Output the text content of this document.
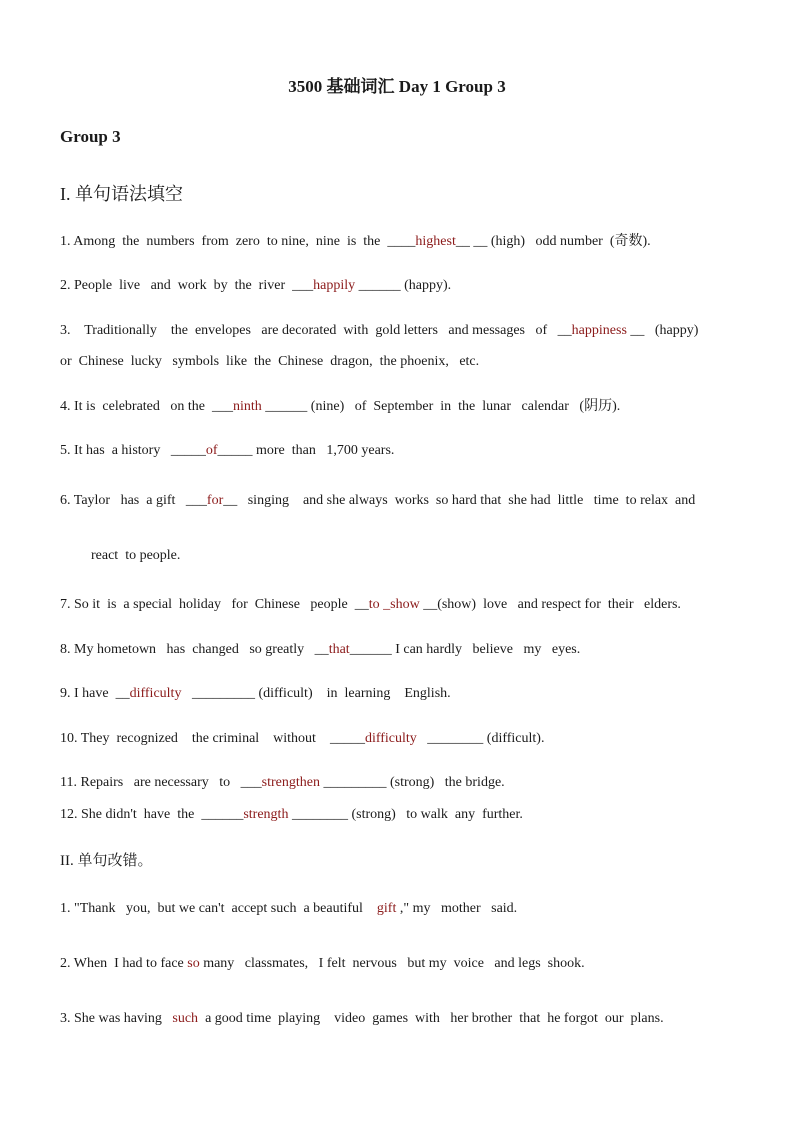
3500 基础词汇 Day 1 Group 3
Group 3
I. 单句语法填空
1. Among  the  numbers  from  zero  to nine,  nine  is  the  ____highest__ __ (high)   odd number  (奇数).
2. People  live   and  work  by  the  river  ___happily ______ (happy).
3.    Traditionally    the  envelopes   are decorated  with  gold letters   and messages   of   __happiness __   (happy)
or  Chinese  lucky   symbols  like  the  Chinese  dragon,  the phoenix,   etc.
4. It is  celebrated   on the  ___ninth ______ (nine)   of  September  in  the  lunar   calendar   (阴历).
5. It has  a history   _____of_____ more  than   1,700 years.
6. Taylor   has  a gift   ___for__   singing    and she always  works  so hard that  she had  little   time  to relax  and
react  to people.
7. So it  is  a special  holiday   for  Chinese   people  __to _show __(show)  love   and respect for  their   elders.
8. My hometown   has  changed   so greatly   __that______ I can hardly   believe   my   eyes.
9. I have  __difficulty   _________ (difficult)    in  learning    English.
10. They  recognized    the criminal    without    _____difficulty   ________ (difficult).
11. Repairs   are necessary   to   ___strengthen _________ (strong)   the bridge.
12. She didn't  have  the  ______strength ________ (strong)   to walk  any  further.
II. 单句改错。
1. "Thank   you,  but we can't  accept such  a beautiful    gift ," my   mother   said.
2. When  I had to face so many   classmates,   I felt  nervous   but my  voice   and legs  shook.
3. She was having   such  a good time  playing    video  games  with   her brother  that  he forgot  our  plans.
